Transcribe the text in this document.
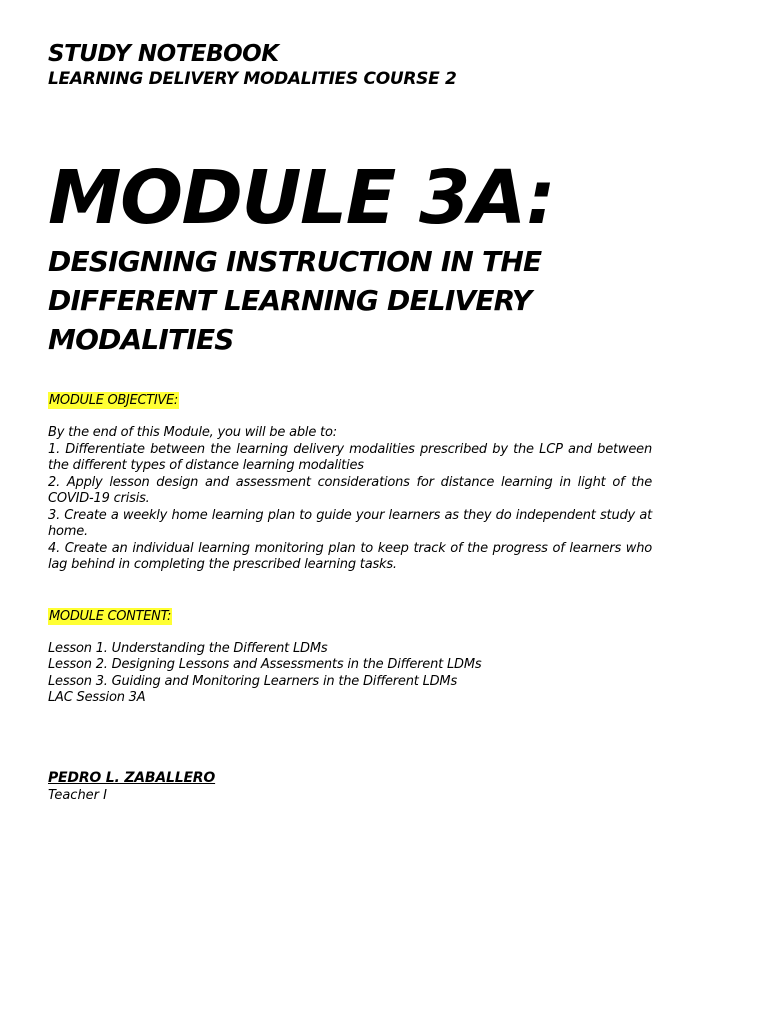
STUDY NOTEBOOK

LEARNING DELIVERY MODALITIES COURSE 2

MODULE 3A:
DESIGNING INSTRUCTION IN THE
DIFFERENT LEARNING DELIVERY
MODALITIES
MODULE OBJECTIVE:

By the end of this Module, you will be able to:

1. Differentiate between the learning delivery modalities prescribed by the LCP and between the different types of distance learning modalities

2. Apply lesson design and assessment considerations for distance learning in light of the COVID-19 crisis.

3. Create a weekly home learning plan to guide your learners as they do independent study at home.

4. Create an individual learning monitoring plan to keep track of the progress of learners who lag behind in completing the prescribed learning tasks.

MODULE CONTENT:

Lesson 1. Understanding the Different LDMs

Lesson 2. Designing Lessons and Assessments in the Different LDMs

Lesson 3. Guiding and Monitoring Learners in the Different LDMs

LAC Session 3A

PEDRO L. ZABALLERO

Teacher I
